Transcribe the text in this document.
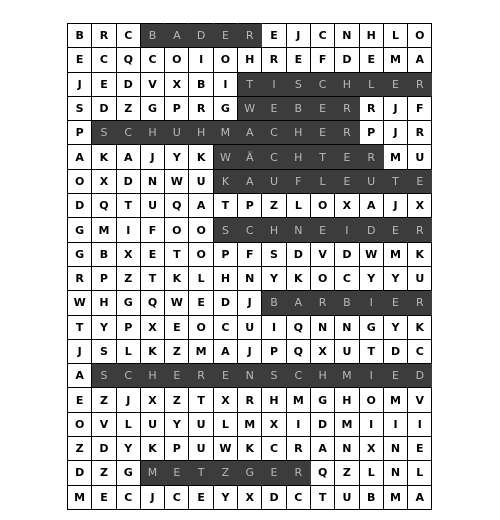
B	R	C	B	A	D	E	R	E	J	C	N	H	L	O
E	C	Q	C	O	I	O	H	R	E	F	D	E	M	A
J	E	D	V	X	B	I	T	I	S	C	H	L	E	R
S	D	Z	G	P	R	G	W	E	B	E	R	R	J	F
P	S	C	H	U	H	M	A	C	H	E	R	P	J	R
A	K	A	J	Y	K	W	Ä	C	H	T	E	R	M	U
O	X	D	N	W	U	K	A	U	F	L	E	U	T	E
D	Q	T	U	Q	A	T	P	Z	L	O	X	A	J	X
G	M	I	F	O	O	S	C	H	N	E	I	D	E	R
G	B	X	E	T	O	P	F	S	D	V	D	W	M	K
R	P	Z	T	K	L	H	N	Y	K	O	C	Y	Y	U
W	H	G	Q	W	E	D	J	B	A	R	B	I	E	R
T	Y	P	X	E	O	C	U	I	Q	N	N	G	Y	K
J	S	L	K	Z	M	A	J	P	Q	X	U	T	D	C
A	S	C	H	E	R	E	N	S	C	H	M	I	E	D
E	Z	J	X	Z	T	X	R	H	M	G	H	O	M	V
O	V	L	U	Y	U	L	M	X	I	D	M	I	I	I
Z	D	Y	K	P	U	W	K	C	R	A	N	X	N	E
D	Z	G	M	E	T	Z	G	E	R	Q	Z	L	N	L
M	E	C	J	C	E	Y	X	D	C	T	U	B	M	A
